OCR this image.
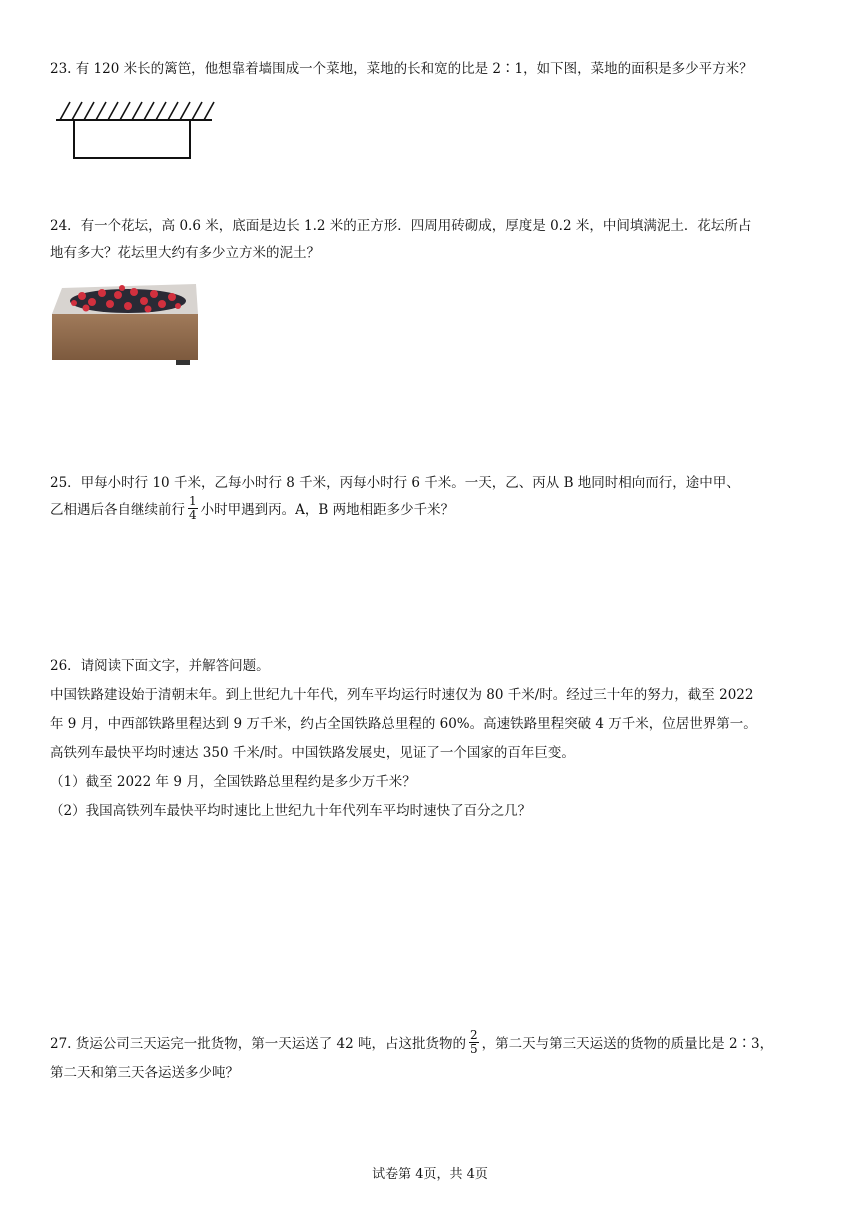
23. 有 120 米长的篱笆，他想靠着墙围成一个菜地，菜地的长和宽的比是 2∶1，如下图，菜地的面积是多少平方米？

24．有一个花坛，高 0.6 米，底面是边长 1.2 米的正方形．四周用砖砌成，厚度是 0.2 米，中间填满泥土．花坛所占

地有多大？花坛里大约有多少立方米的泥土？

25．甲每小时行 10 千米，乙每小时行 8 千米，丙每小时行 6 千米。一天，乙、丙从 B 地同时相向而行，途中甲、

乙相遇后各自继续前行 $\frac{1}{4}$ 小时甲遇到丙。A，B 两地相距多少千米？

26．请阅读下面文字，并解答问题。

中国铁路建设始于清朝末年。到上世纪九十年代，列车平均运行时速仅为 80 千米/时。经过三十年的努力，截至 2022

年 9 月，中西部铁路里程达到 9 万千米，约占全国铁路总里程的 60%。高速铁路里程突破 4 万千米，位居世界第一。

高铁列车最快平均时速达 350 千米/时。中国铁路发展史，见证了一个国家的百年巨变。

（1）截至 2022 年 9 月，全国铁路总里程约是多少万千米？

（2）我国高铁列车最快平均时速比上世纪九十年代列车平均时速快了百分之几？

27. 货运公司三天运完一批货物，第一天运送了 42 吨，占这批货物的 $\frac{2}{5}$ ，第二天与第三天运送的货物的质量比是 2∶3，

第二天和第三天各运送多少吨？

试卷第 4页，共 4页
